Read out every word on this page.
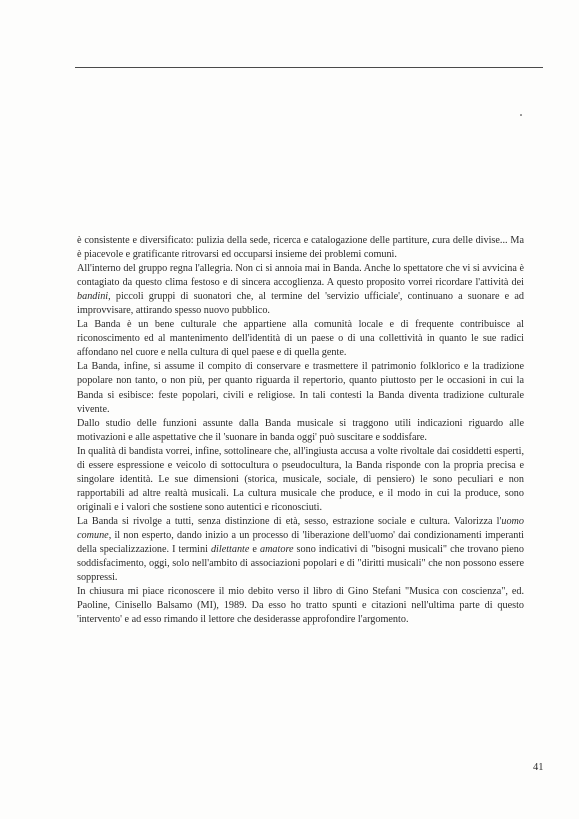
è consistente e diversificato: pulizia della sede, ricerca e catalogazione delle partiture, cura delle divise... Ma è piacevole e gratificante ritrovarsi ed occuparsi insieme dei problemi comuni.

All'interno del gruppo regna l'allegria. Non ci si annoia mai in Banda. Anche lo spettatore che vi si avvicina è contagiato da questo clima festoso e di sincera accoglienza. A questo proposito vorrei ricordare l'attività dei bandini, piccoli gruppi di suonatori che, al termine del 'servizio ufficiale', continuano a suonare e ad improvvisare, attirando spesso nuovo pubblico.

La Banda è un bene culturale che appartiene alla comunità locale e di frequente contribuisce al riconoscimento ed al mantenimento dell'identità di un paese o di una collettività in quanto le sue radici affondano nel cuore e nella cultura di quel paese e di quella gente.

La Banda, infine, si assume il compito di conservare e trasmettere il patrimonio folklorico e la tradizione popolare non tanto, o non più, per quanto riguarda il repertorio, quanto piuttosto per le occasioni in cui la Banda si esibisce: feste popolari, civili e religiose. In tali contesti la Banda diventa tradizione culturale vivente.

Dallo studio delle funzioni assunte dalla Banda musicale si traggono utili indicazioni riguardo alle motivazioni e alle aspettative che il 'suonare in banda oggi' può suscitare e soddisfare.

In qualità di bandista vorrei, infine, sottolineare che, all'ingiusta accusa a volte rivoltale dai cosiddetti esperti, di essere espressione e veicolo di sottocultura o pseudocultura, la Banda risponde con la propria precisa e singolare identità. Le sue dimensioni (storica, musicale, sociale, di pensiero) le sono peculiari e non rapportabili ad altre realtà musicali. La cultura musicale che produce, e il modo in cui la produce, sono originali e i valori che sostiene sono autentici e riconosciuti.

La Banda si rivolge a tutti, senza distinzione di età, sesso, estrazione sociale e cultura. Valorizza l'uomo comune, il non esperto, dando inizio a un processo di 'liberazione dell'uomo' dai condizionamenti imperanti della specializzazione. I termini dilettante e amatore sono indicativi di "bisogni musicali" che trovano pieno soddisfacimento, oggi, solo nell'ambito di associazioni popolari e di "diritti musicali" che non possono essere soppressi.

In chiusura mi piace riconoscere il mio debito verso il libro di Gino Stefani "Musica con coscienza", ed. Paoline, Cinisello Balsamo (MI), 1989. Da esso ho tratto spunti e citazioni nell'ultima parte di questo 'intervento' e ad esso rimando il lettore che desiderasse approfondire l'argomento.

41
